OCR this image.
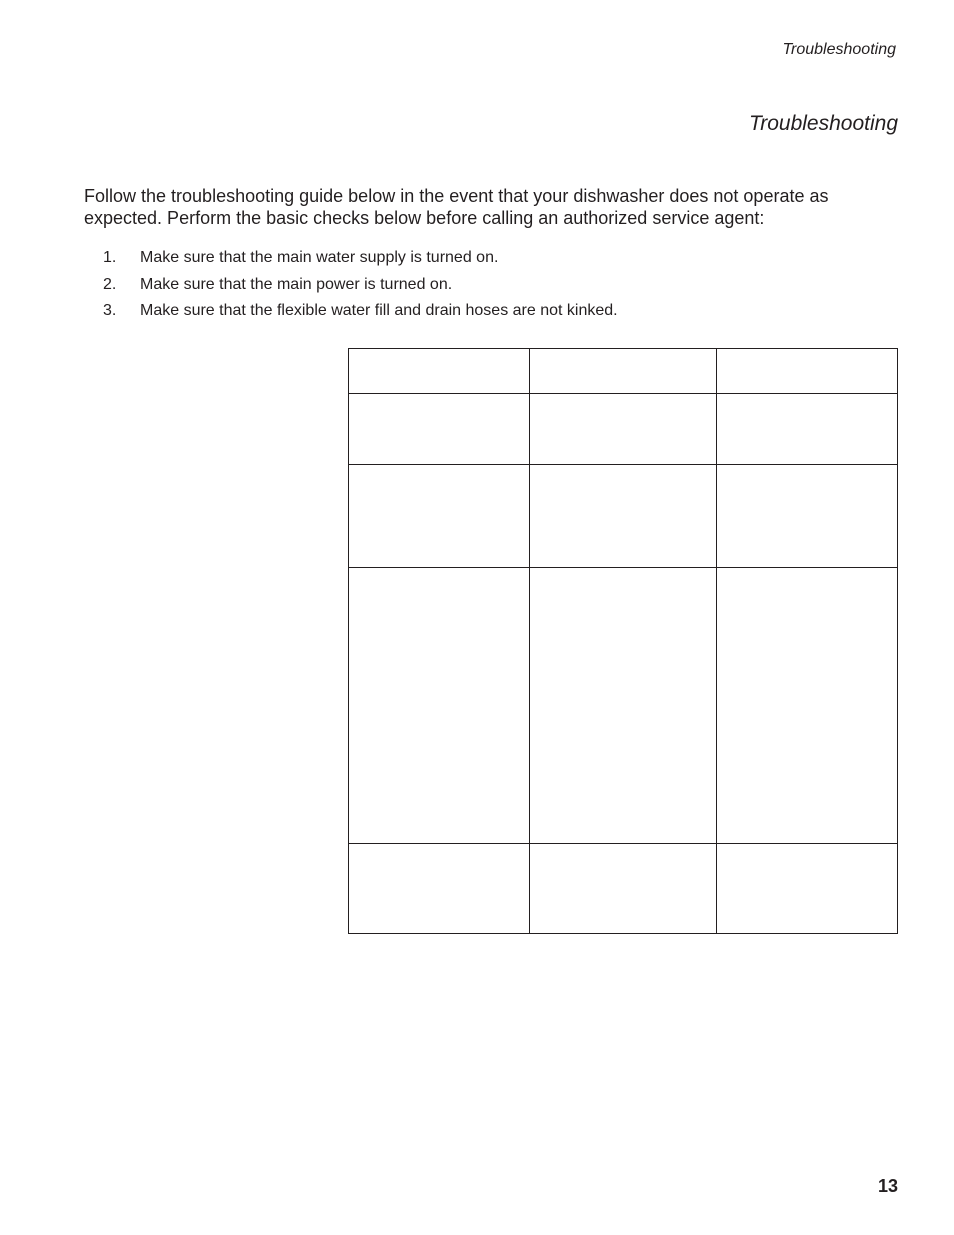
Troubleshooting
Troubleshooting

Follow the troubleshooting guide below in the event that your dishwasher does not operate as expected. Perform the basic checks below before calling an authorized service agent:

1.	Make sure that the main water supply is turned on.
2.	Make sure that the main power is turned on.
3.	Make sure that the flexible water fill and drain hoses are not kinked.

13
